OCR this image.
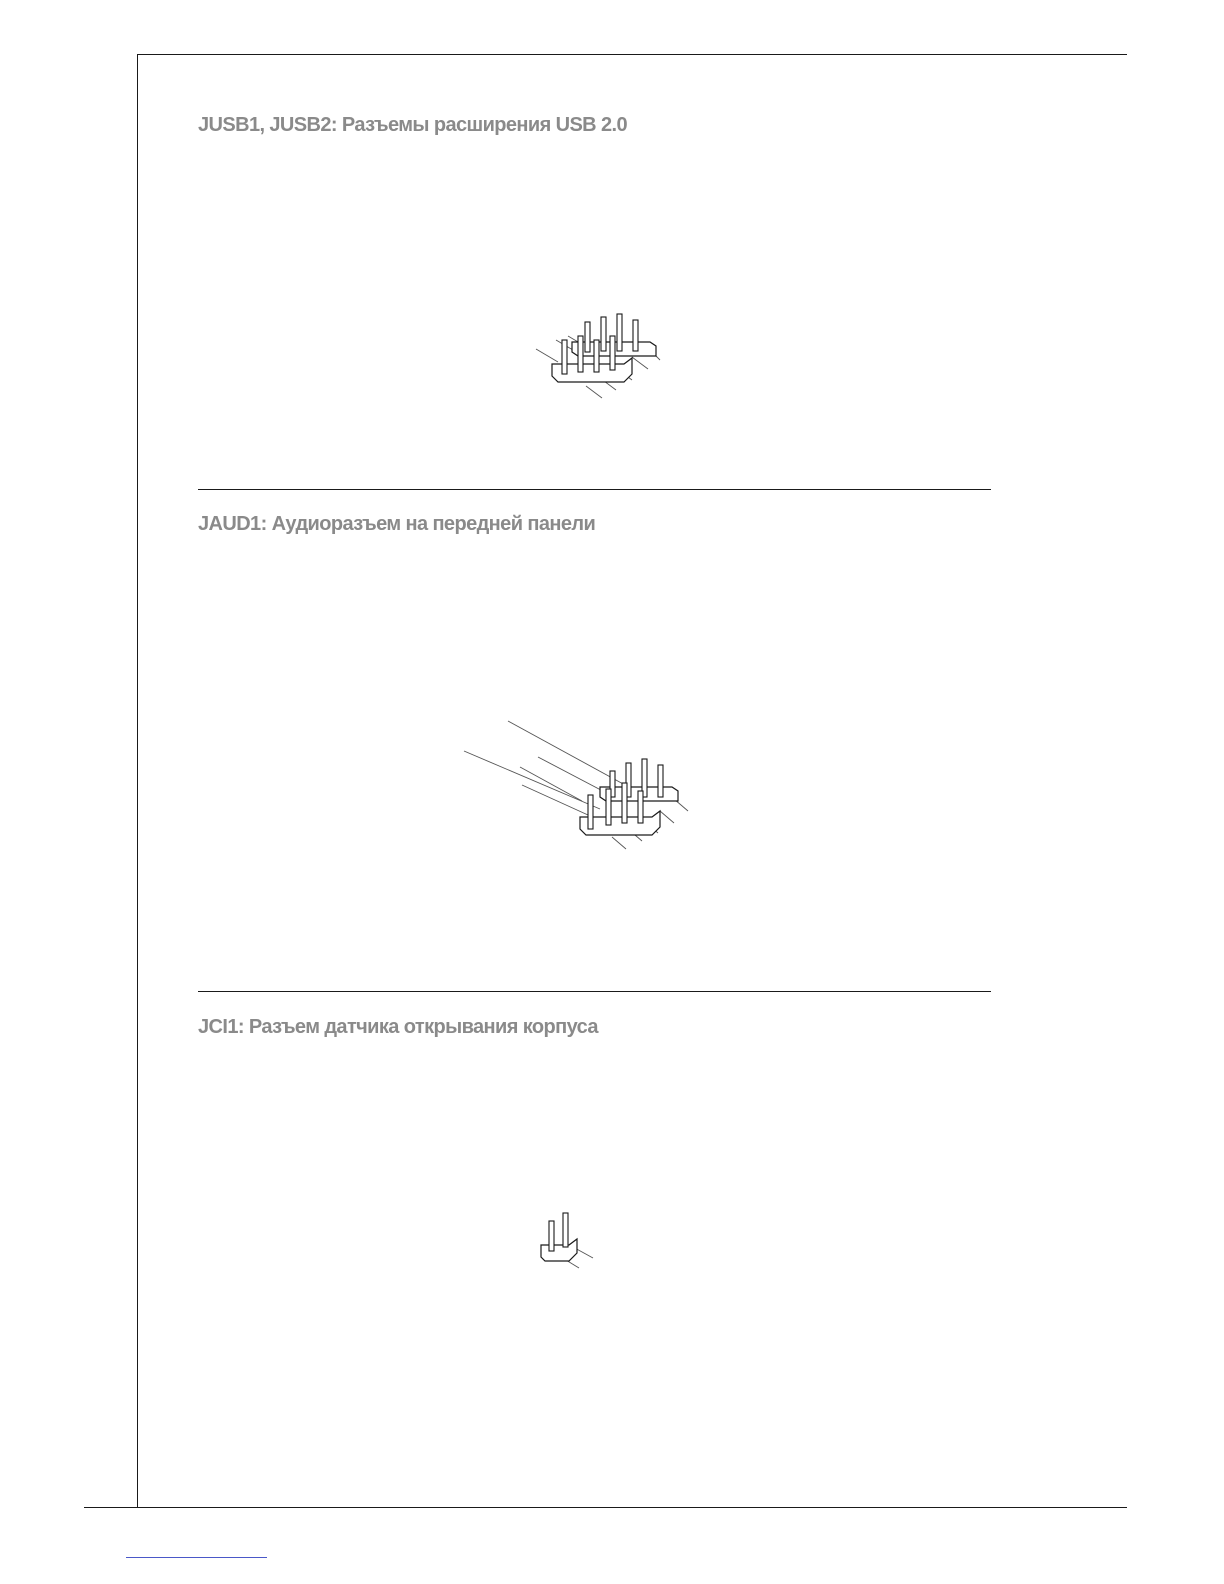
JUSB1, JUSB2: Разъемы расширения USB 2.0
JAUD1: Аудиоразъем на передней панели
JCI1: Разъем датчика открывания корпуса
